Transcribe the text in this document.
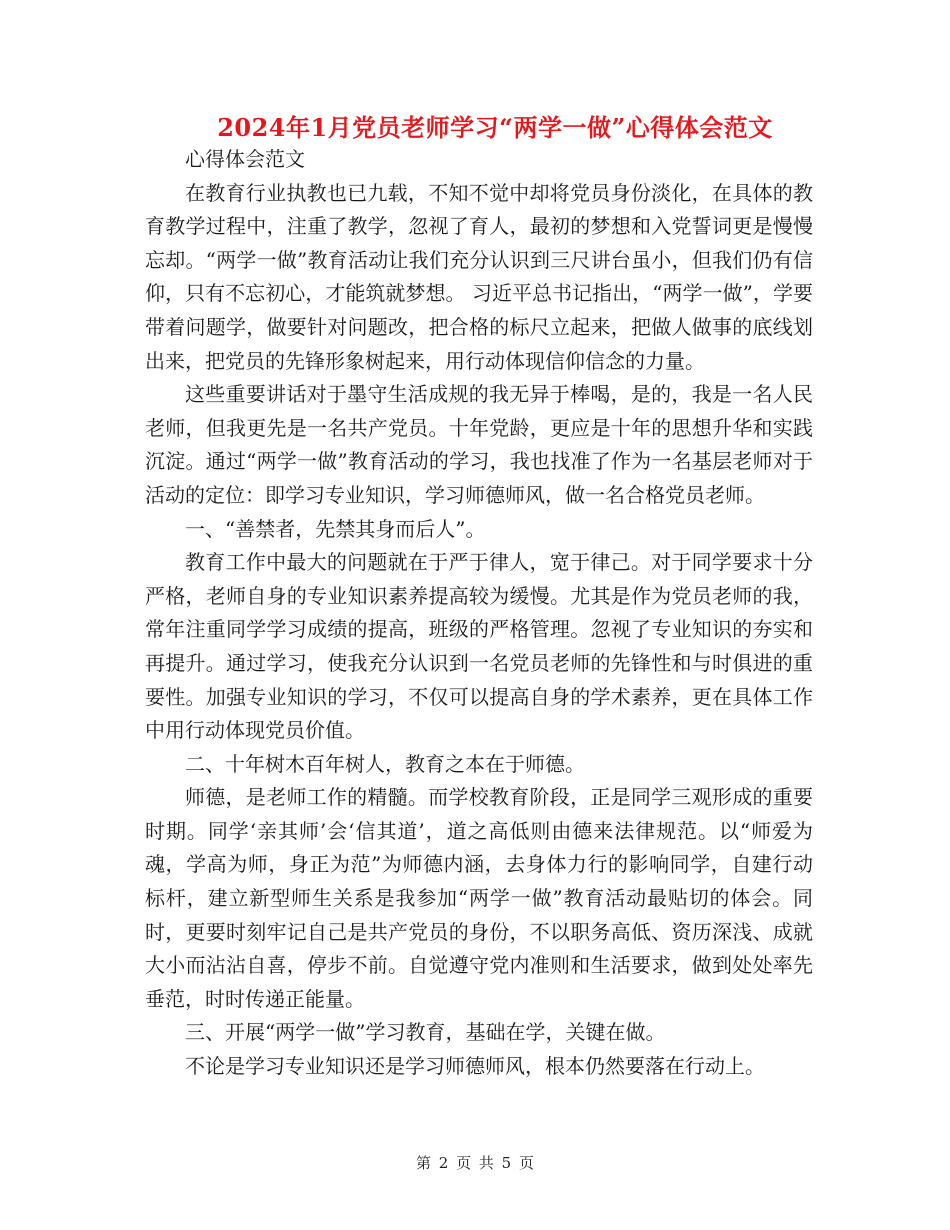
2024年1月党员老师学习“两学一做”心得体会范文

心得体会范文

在教育行业执教也已九载，不知不觉中却将党员身份淡化，在具体的教育教学过程中，注重了教学，忽视了育人，最初的梦想和入党誓词更是慢慢忘却。“两学一做”教育活动让我们充分认识到三尺讲台虽小，但我们仍有信仰，只有不忘初心，才能筑就梦想。 习近平总书记指出，“两学一做”，学要带着问题学，做要针对问题改，把合格的标尺立起来，把做人做事的底线划出来，把党员的先锋形象树起来，用行动体现信仰信念的力量。

这些重要讲话对于墨守生活成规的我无异于棒喝，是的，我是一名人民老师，但我更先是一名共产党员。十年党龄，更应是十年的思想升华和实践沉淀。通过“两学一做”教育活动的学习，我也找准了作为一名基层老师对于活动的定位：即学习专业知识，学习师德师风，做一名合格党员老师。

一、“善禁者，先禁其身而后人”。

教育工作中最大的问题就在于严于律人，宽于律己。对于同学要求十分严格，老师自身的专业知识素养提高较为缓慢。尤其是作为党员老师的我，常年注重同学学习成绩的提高，班级的严格管理。忽视了专业知识的夯实和再提升。通过学习，使我充分认识到一名党员老师的先锋性和与时俱进的重要性。加强专业知识的学习，不仅可以提高自身的学术素养，更在具体工作中用行动体现党员价值。

二、十年树木百年树人，教育之本在于师德。

师德，是老师工作的精髓。而学校教育阶段，正是同学三观形成的重要时期。同学‘亲其师’会‘信其道’，道之高低则由德来法律规范。以“师爱为魂，学高为师，身正为范”为师德内涵，去身体力行的影响同学，自建行动标杆，建立新型师生关系是我参加“两学一做”教育活动最贴切的体会。同时，更要时刻牢记自己是共产党员的身份，不以职务高低、资历深浅、成就大小而沾沾自喜，停步不前。自觉遵守党内准则和生活要求，做到处处率先垂范，时时传递正能量。

三、开展“两学一做”学习教育，基础在学，关键在做。

不论是学习专业知识还是学习师德师风，根本仍然要落在行动上。

第 2 页 共 5 页
